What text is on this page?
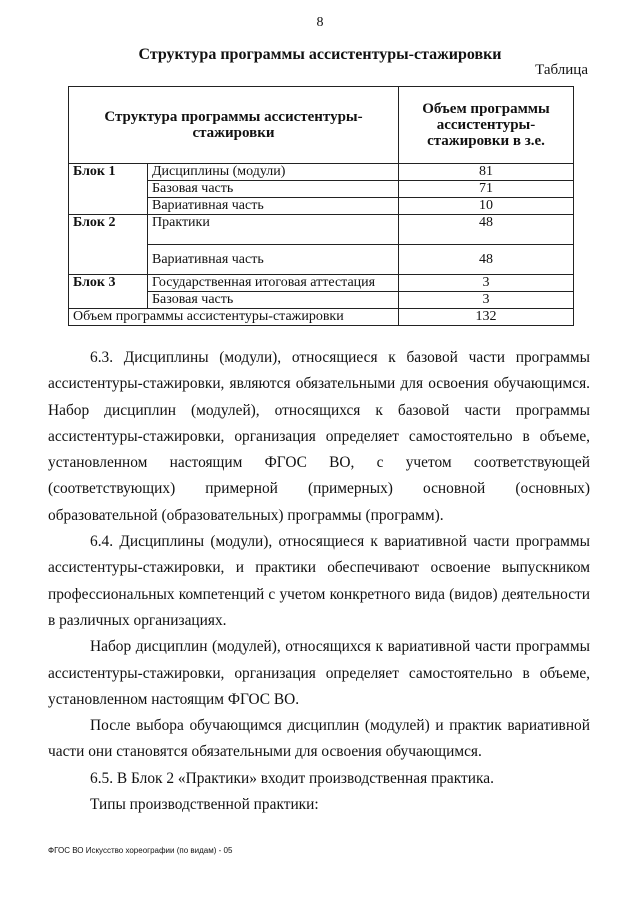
8
Структура программы ассистентуры-стажировки
Таблица
Структура программы ассистентуры-стажировки		Объем программы ассистентуры-стажировки в з.е.
Блок 1	Дисциплины (модули)	81
	Базовая часть	71
	Вариативная часть	10
Блок 2	Практики	48
	Вариативная часть	48
Блок 3	Государственная итоговая аттестация	3
	Базовая часть	3
Объем программы ассистентуры-стажировки		132

6.3. Дисциплины (модули), относящиеся к базовой части программы ассистентуры-стажировки, являются обязательными для освоения обучающимся. Набор дисциплин (модулей), относящихся к базовой части программы ассистентуры-стажировки, организация определяет самостоятельно в объеме, установленном настоящим ФГОС ВО, с учетом соответствующей (соответствующих) примерной (примерных) основной (основных) образовательной (образовательных) программы (программ).

6.4. Дисциплины (модули), относящиеся к вариативной части программы ассистентуры-стажировки, и практики обеспечивают освоение выпускником профессиональных компетенций с учетом конкретного вида (видов) деятельности в различных организациях.

Набор дисциплин (модулей), относящихся к вариативной части программы ассистентуры-стажировки, организация определяет самостоятельно в объеме, установленном настоящим ФГОС ВО.

После выбора обучающимся дисциплин (модулей) и практик вариативной части они становятся обязательными для освоения обучающимся.

6.5. В Блок 2 «Практики» входит производственная практика.

Типы производственной практики:

ФГОС ВО Искусство хореографии (по видам) - 05
